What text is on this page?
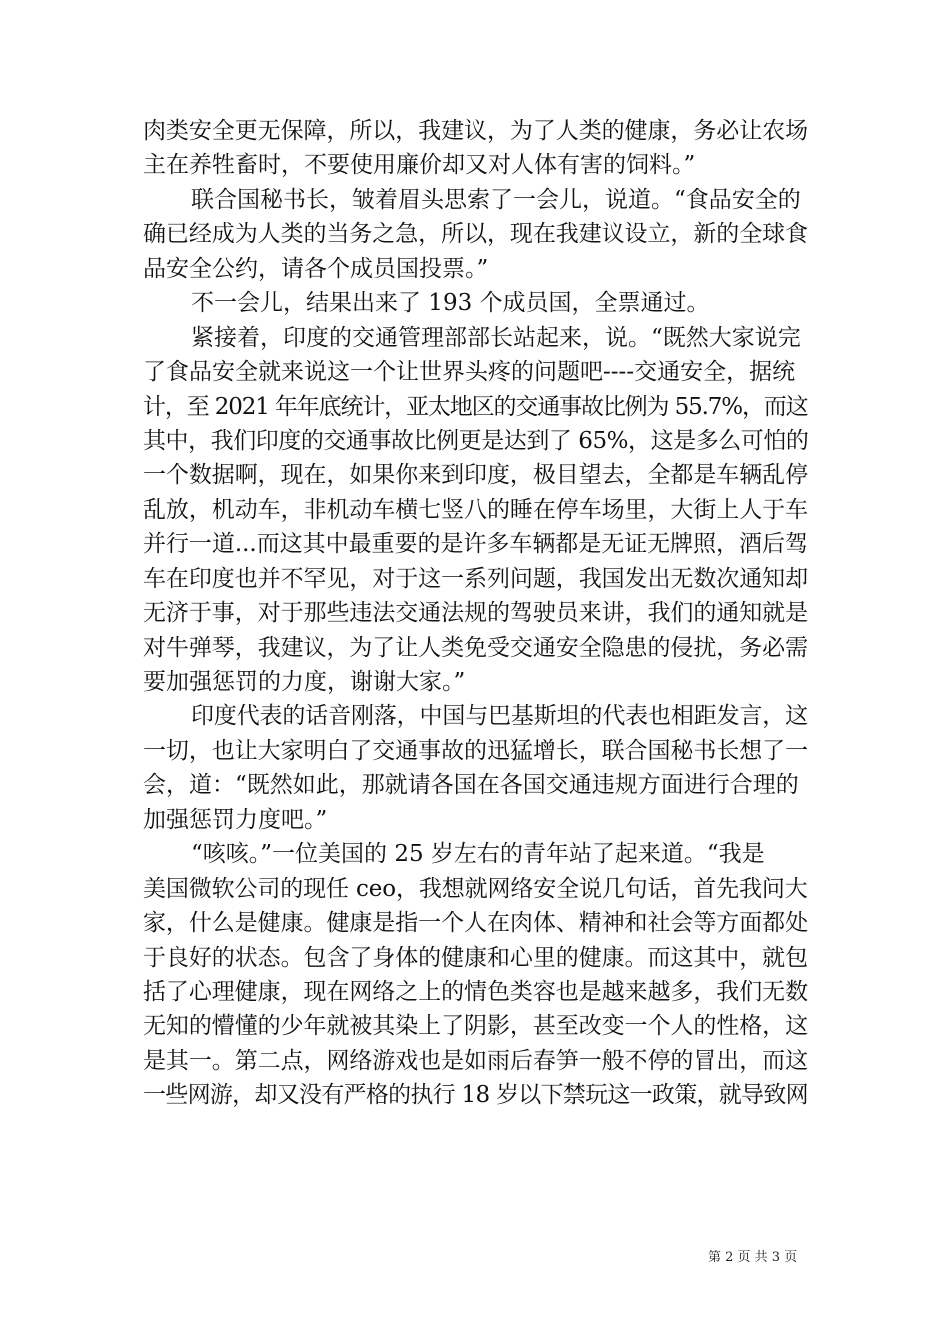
肉类安全更无保障，所以，我建议，为了人类的健康，务必让农场
主在养牲畜时，不要使用廉价却又对人体有害的饲料。”
联合国秘书长，皱着眉头思索了一会儿，说道。“食品安全的
确已经成为人类的当务之急，所以，现在我建议设立，新的全球食
品安全公约，请各个成员国投票。”
不一会儿，结果出来了 193 个成员国，全票通过。
紧接着，印度的交通管理部部长站起来，说。“既然大家说完
了食品安全就来说这一个让世界头疼的问题吧----交通安全，据统
计，至 2021 年年底统计，亚太地区的交通事故比例为 55.7%，而这
其中，我们印度的交通事故比例更是达到了 65%，这是多么可怕的
一个数据啊，现在，如果你来到印度，极目望去，全都是车辆乱停
乱放，机动车，非机动车横七竖八的睡在停车场里，大街上人于车
并行一道...而这其中最重要的是许多车辆都是无证无牌照，酒后驾
车在印度也并不罕见，对于这一系列问题，我国发出无数次通知却
无济于事，对于那些违法交通法规的驾驶员来讲，我们的通知就是
对牛弹琴，我建议，为了让人类免受交通安全隐患的侵扰，务必需
要加强惩罚的力度，谢谢大家。”
印度代表的话音刚落，中国与巴基斯坦的代表也相距发言，这
一切，也让大家明白了交通事故的迅猛增长，联合国秘书长想了一
会，道：“既然如此，那就请各国在各国交通违规方面进行合理的
加强惩罚力度吧。”
“咳咳。”一位美国的 25 岁左右的青年站了起来道。“我是
美国微软公司的现任 ceo，我想就网络安全说几句话，首先我问大
家，什么是健康。健康是指一个人在肉体、精神和社会等方面都处
于良好的状态。包含了身体的健康和心里的健康。而这其中，就包
括了心理健康，现在网络之上的情色类容也是越来越多，我们无数
无知的懵懂的少年就被其染上了阴影，甚至改变一个人的性格，这
是其一。第二点，网络游戏也是如雨后春笋一般不停的冒出，而这
一些网游，却又没有严格的执行 18 岁以下禁玩这一政策，就导致网
第 2 页 共 3 页
